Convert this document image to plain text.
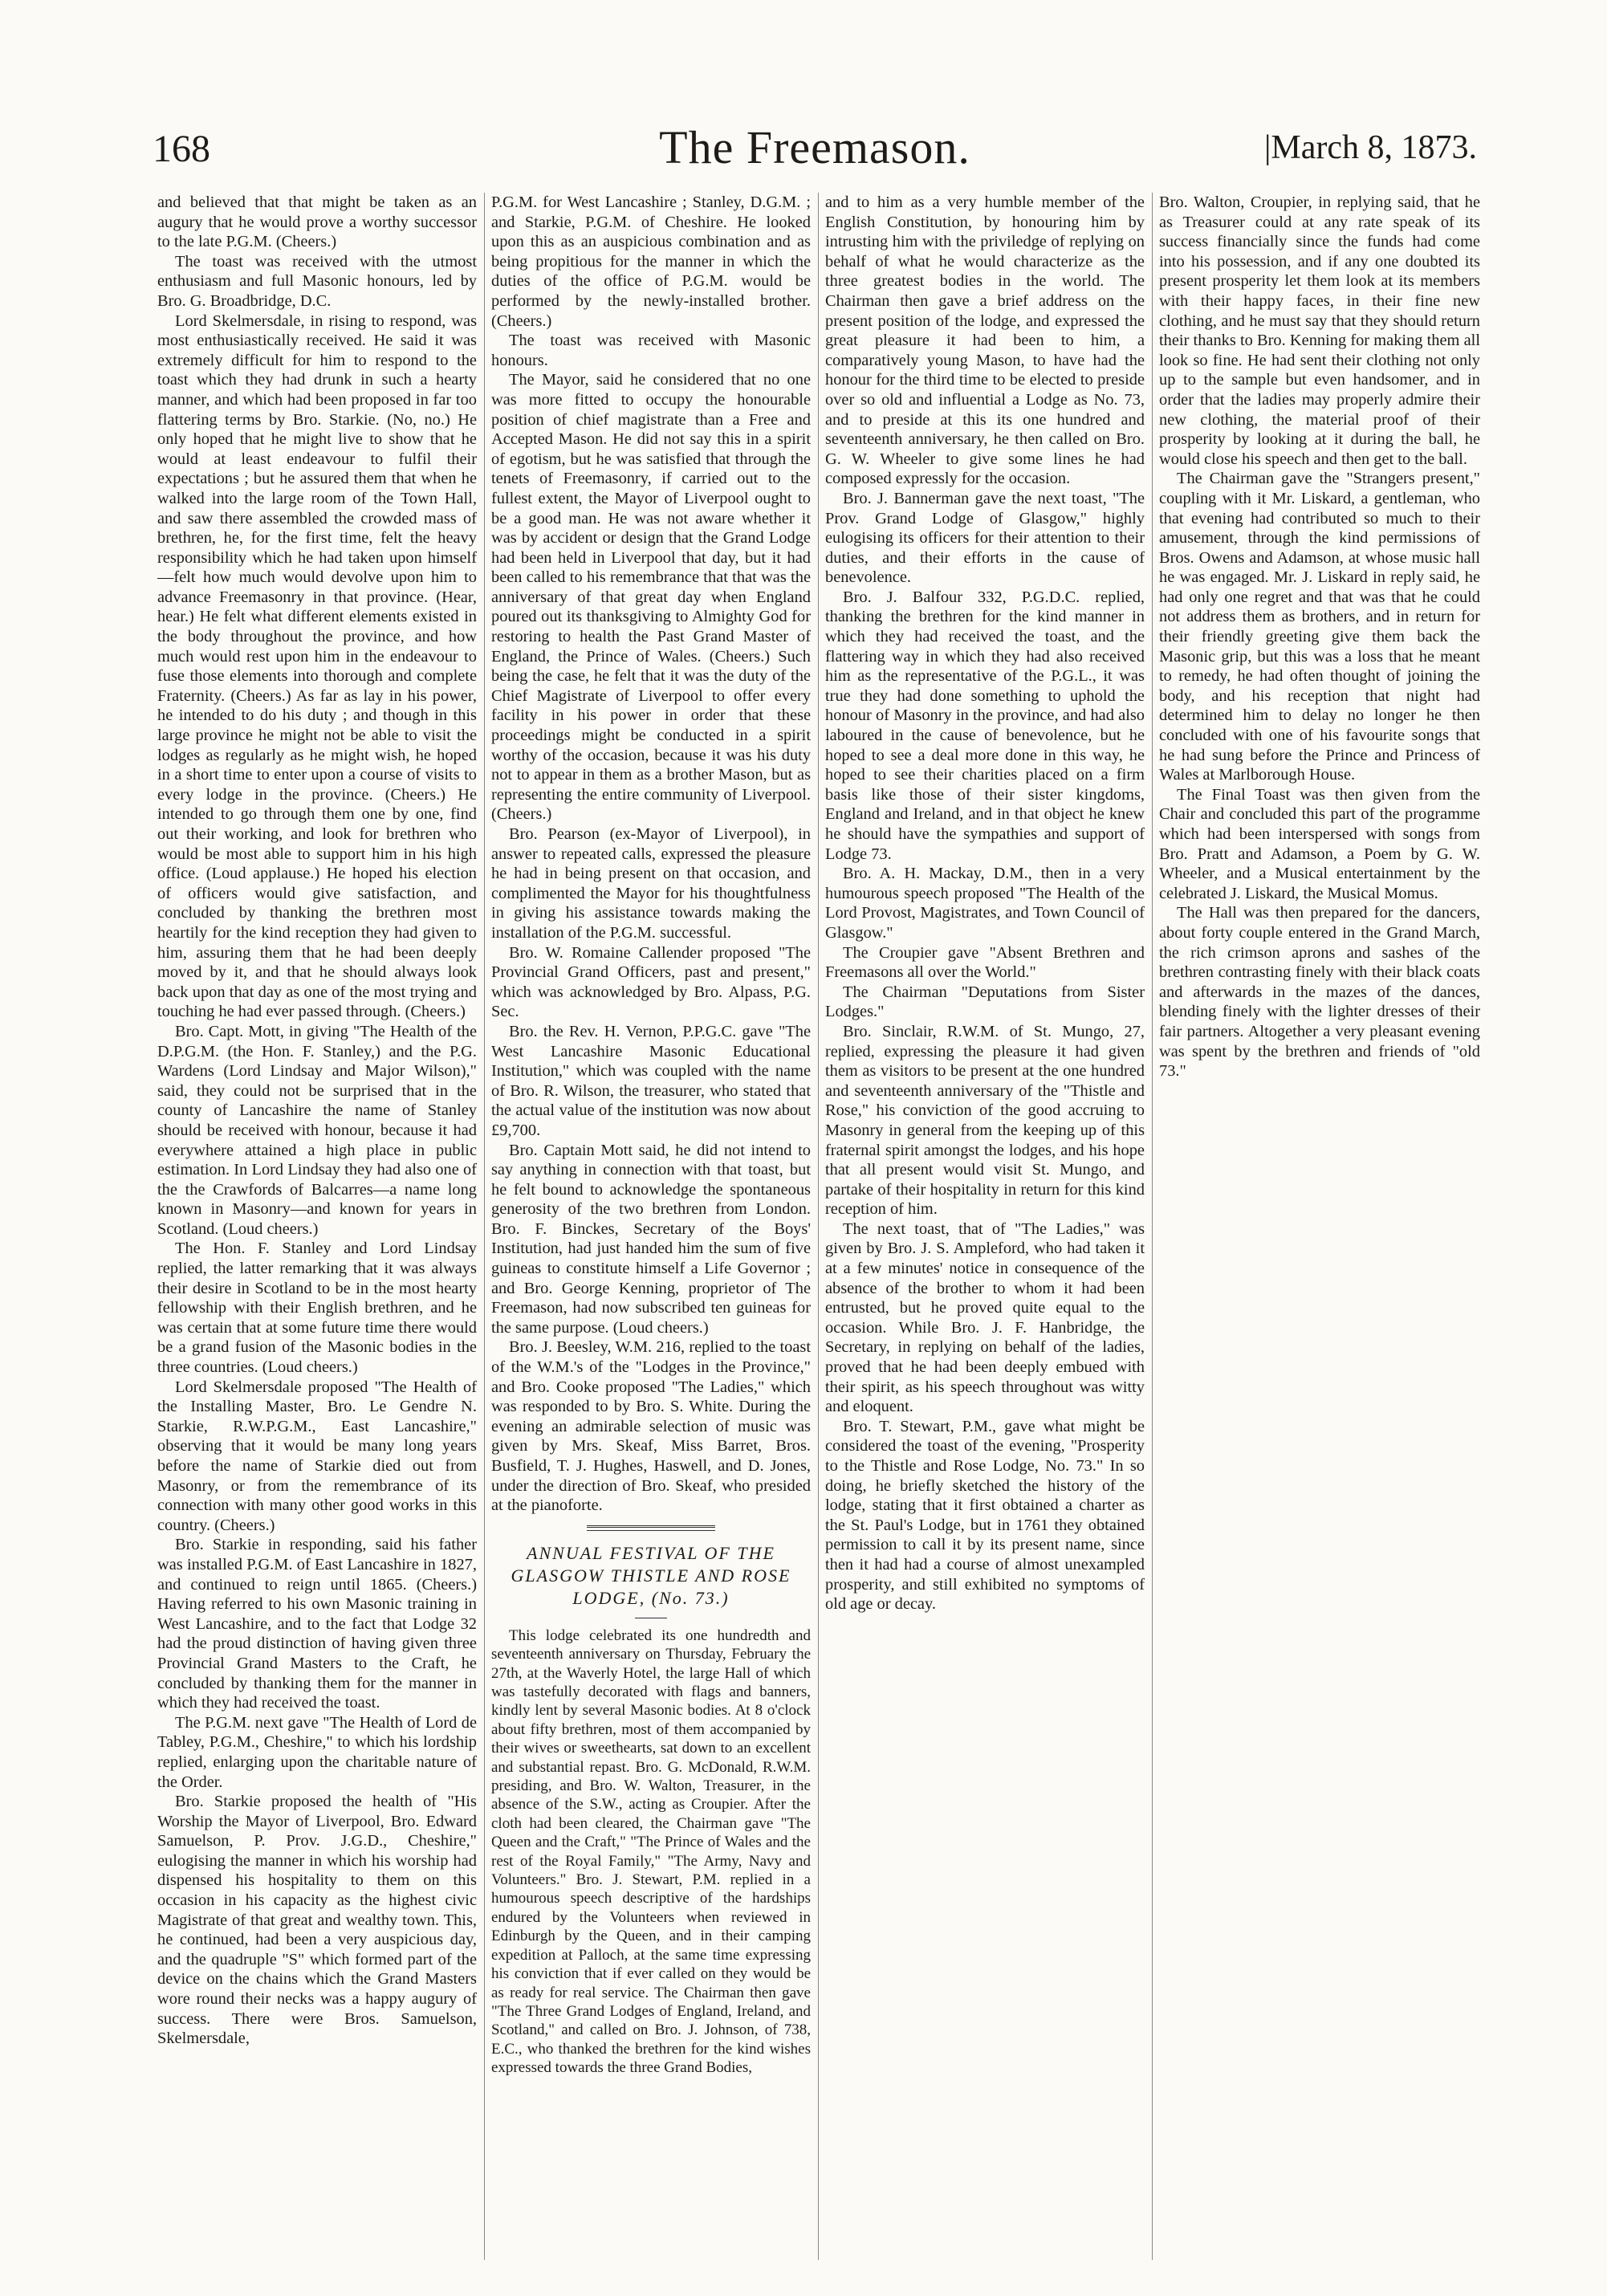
168	The Freemason.	|March 8, 1873.

and believed that that might be taken as an augury that he would prove a worthy successor to the late P.G.M. (Cheers.)

The toast was received with the utmost enthusiasm and full Masonic honours, led by Bro. G. Broadbridge, D.C.

Lord Skelmersdale, in rising to respond, was most enthusiastically received. He said it was extremely difficult for him to respond to the toast which they had drunk in such a hearty manner, and which had been proposed in far too flattering terms by Bro. Starkie. (No, no.) He only hoped that he might live to show that he would at least endeavour to fulfil their expectations ; but he assured them that when he walked into the large room of the Town Hall, and saw there assembled the crowded mass of brethren, he, for the first time, felt the heavy responsibility which he had taken upon himself—felt how much would devolve upon him to advance Freemasonry in that province. (Hear, hear.) He felt what different elements existed in the body throughout the province, and how much would rest upon him in the endeavour to fuse those elements into thorough and complete Fraternity. (Cheers.) As far as lay in his power, he intended to do his duty ; and though in this large province he might not be able to visit the lodges as regularly as he might wish, he hoped in a short time to enter upon a course of visits to every lodge in the province. (Cheers.) He intended to go through them one by one, find out their working, and look for brethren who would be most able to support him in his high office. (Loud applause.) He hoped his election of officers would give satisfaction, and concluded by thanking the brethren most heartily for the kind reception they had given to him, assuring them that he had been deeply moved by it, and that he should always look back upon that day as one of the most trying and touching he had ever passed through. (Cheers.)

Bro. Capt. Mott, in giving "The Health of the D.P.G.M. (the Hon. F. Stanley,) and the P.G. Wardens (Lord Lindsay and Major Wilson)," said, they could not be surprised that in the county of Lancashire the name of Stanley should be received with honour, because it had everywhere attained a high place in public estimation. In Lord Lindsay they had also one of the the Crawfords of Balcarres—a name long known in Masonry—and known for years in Scotland. (Loud cheers.)

The Hon. F. Stanley and Lord Lindsay replied, the latter remarking that it was always their desire in Scotland to be in the most hearty fellowship with their English brethren, and he was certain that at some future time there would be a grand fusion of the Masonic bodies in the three countries. (Loud cheers.)

Lord Skelmersdale proposed "The Health of the Installing Master, Bro. Le Gendre N. Starkie, R.W.P.G.M., East Lancashire," observing that it would be many long years before the name of Starkie died out from Masonry, or from the remembrance of its connection with many other good works in this country. (Cheers.)

Bro. Starkie in responding, said his father was installed P.G.M. of East Lancashire in 1827, and continued to reign until 1865. (Cheers.) Having referred to his own Masonic training in West Lancashire, and to the fact that Lodge 32 had the proud distinction of having given three Provincial Grand Masters to the Craft, he concluded by thanking them for the manner in which they had received the toast.

The P.G.M. next gave "The Health of Lord de Tabley, P.G.M., Cheshire," to which his lordship replied, enlarging upon the charitable nature of the Order.

Bro. Starkie proposed the health of "His Worship the Mayor of Liverpool, Bro. Edward Samuelson, P. Prov. J.G.D., Cheshire," eulogising the manner in which his worship had dispensed his hospitality to them on this occasion in his capacity as the highest civic Magistrate of that great and wealthy town. This, he continued, had been a very auspicious day, and the quadruple "S" which formed part of the device on the chains which the Grand Masters wore round their necks was a happy augury of success. There were Bros. Samuelson, Skelmersdale,

P.G.M. for West Lancashire ; Stanley, D.G.M. ; and Starkie, P.G.M. of Cheshire. He looked upon this as an auspicious combination and as being propitious for the manner in which the duties of the office of P.G.M. would be performed by the newly-installed brother. (Cheers.)

The toast was received with Masonic honours.

The Mayor, said he considered that no one was more fitted to occupy the honourable position of chief magistrate than a Free and Accepted Mason. He did not say this in a spirit of egotism, but he was satisfied that through the tenets of Freemasonry, if carried out to the fullest extent, the Mayor of Liverpool ought to be a good man. He was not aware whether it was by accident or design that the Grand Lodge had been held in Liverpool that day, but it had been called to his remembrance that that was the anniversary of that great day when England poured out its thanksgiving to Almighty God for restoring to health the Past Grand Master of England, the Prince of Wales. (Cheers.) Such being the case, he felt that it was the duty of the Chief Magistrate of Liverpool to offer every facility in his power in order that these proceedings might be conducted in a spirit worthy of the occasion, because it was his duty not to appear in them as a brother Mason, but as representing the entire community of Liverpool. (Cheers.)

Bro. Pearson (ex-Mayor of Liverpool), in answer to repeated calls, expressed the pleasure he had in being present on that occasion, and complimented the Mayor for his thoughtfulness in giving his assistance towards making the installation of the P.G.M. successful.

Bro. W. Romaine Callender proposed "The Provincial Grand Officers, past and present," which was acknowledged by Bro. Alpass, P.G. Sec.

Bro. the Rev. H. Vernon, P.P.G.C. gave "The West Lancashire Masonic Educational Institution," which was coupled with the name of Bro. R. Wilson, the treasurer, who stated that the actual value of the institution was now about £9,700.

Bro. Captain Mott said, he did not intend to say anything in connection with that toast, but he felt bound to acknowledge the spontaneous generosity of the two brethren from London. Bro. F. Binckes, Secretary of the Boys' Institution, had just handed him the sum of five guineas to constitute himself a Life Governor ; and Bro. George Kenning, proprietor of The Freemason, had now subscribed ten guineas for the same purpose. (Loud cheers.)

Bro. J. Beesley, W.M. 216, replied to the toast of the W.M.'s of the "Lodges in the Province," and Bro. Cooke proposed "The Ladies," which was responded to by Bro. S. White. During the evening an admirable selection of music was given by Mrs. Skeaf, Miss Barret, Bros. Busfield, T. J. Hughes, Haswell, and D. Jones, under the direction of Bro. Skeaf, who presided at the pianoforte.

ANNUAL FESTIVAL OF THE GLASGOW THISTLE AND ROSE LODGE, (No. 73.)

This lodge celebrated its one hundredth and seventeenth anniversary on Thursday, February the 27th, at the Waverly Hotel, the large Hall of which was tastefully decorated with flags and banners, kindly lent by several Masonic bodies. At 8 o'clock about fifty brethren, most of them accompanied by their wives or sweethearts, sat down to an excellent and substantial repast. Bro. G. McDonald, R.W.M. presiding, and Bro. W. Walton, Treasurer, in the absence of the S.W., acting as Croupier. After the cloth had been cleared, the Chairman gave "The Queen and the Craft," "The Prince of Wales and the rest of the Royal Family," "The Army, Navy and Volunteers." Bro. J. Stewart, P.M. replied in a humourous speech descriptive of the hardships endured by the Volunteers when reviewed in Edinburgh by the Queen, and in their camping expedition at Palloch, at the same time expressing his conviction that if ever called on they would be as ready for real service. The Chairman then gave "The Three Grand Lodges of England, Ireland, and Scotland," and called on Bro. J. Johnson, of 738, E.C., who thanked the brethren for the kind wishes expressed towards the three Grand Bodies,

and to him as a very humble member of the English Constitution, by honouring him by intrusting him with the priviledge of replying on behalf of what he would characterize as the three greatest bodies in the world. The Chairman then gave a brief address on the present position of the lodge, and expressed the great pleasure it had been to him, a comparatively young Mason, to have had the honour for the third time to be elected to preside over so old and influential a Lodge as No. 73, and to preside at this its one hundred and seventeenth anniversary, he then called on Bro. G. W. Wheeler to give some lines he had composed expressly for the occasion.

Bro. J. Bannerman gave the next toast, "The Prov. Grand Lodge of Glasgow," highly eulogising its officers for their attention to their duties, and their efforts in the cause of benevolence.

Bro. J. Balfour 332, P.G.D.C. replied, thanking the brethren for the kind manner in which they had received the toast, and the flattering way in which they had also received him as the representative of the P.G.L., it was true they had done something to uphold the honour of Masonry in the province, and had also laboured in the cause of benevolence, but he hoped to see a deal more done in this way, he hoped to see their charities placed on a firm basis like those of their sister kingdoms, England and Ireland, and in that object he knew he should have the sympathies and support of Lodge 73.

Bro. A. H. Mackay, D.M., then in a very humourous speech proposed "The Health of the Lord Provost, Magistrates, and Town Council of Glasgow."

The Croupier gave "Absent Brethren and Freemasons all over the World."

The Chairman "Deputations from Sister Lodges."

Bro. Sinclair, R.W.M. of St. Mungo, 27, replied, expressing the pleasure it had given them as visitors to be present at the one hundred and seventeenth anniversary of the "Thistle and Rose," his conviction of the good accruing to Masonry in general from the keeping up of this fraternal spirit amongst the lodges, and his hope that all present would visit St. Mungo, and partake of their hospitality in return for this kind reception of him.

The next toast, that of "The Ladies," was given by Bro. J. S. Ampleford, who had taken it at a few minutes' notice in consequence of the absence of the brother to whom it had been entrusted, but he proved quite equal to the occasion. While Bro. J. F. Hanbridge, the Secretary, in replying on behalf of the ladies, proved that he had been deeply embued with their spirit, as his speech throughout was witty and eloquent.

Bro. T. Stewart, P.M., gave what might be considered the toast of the evening, "Prosperity to the Thistle and Rose Lodge, No. 73." In so doing, he briefly sketched the history of the lodge, stating that it first obtained a charter as the St. Paul's Lodge, but in 1761 they obtained permission to call it by its present name, since then it had had a course of almost unexampled prosperity, and still exhibited no symptoms of old age or decay.

Bro. Walton, Croupier, in replying said, that he as Treasurer could at any rate speak of its success financially since the funds had come into his possession, and if any one doubted its present prosperity let them look at its members with their happy faces, in their fine new clothing, and he must say that they should return their thanks to Bro. Kenning for making them all look so fine. He had sent their clothing not only up to the sample but even handsomer, and in order that the ladies may properly admire their new clothing, the material proof of their prosperity by looking at it during the ball, he would close his speech and then get to the ball.

The Chairman gave the "Strangers present," coupling with it Mr. Liskard, a gentleman, who that evening had contributed so much to their amusement, through the kind permissions of Bros. Owens and Adamson, at whose music hall he was engaged. Mr. J. Liskard in reply said, he had only one regret and that was that he could not address them as brothers, and in return for their friendly greeting give them back the Masonic grip, but this was a loss that he meant to remedy, he had often thought of joining the body, and his reception that night had determined him to delay no longer he then concluded with one of his favourite songs that he had sung before the Prince and Princess of Wales at Marlborough House.

The Final Toast was then given from the Chair and concluded this part of the programme which had been interspersed with songs from Bro. Pratt and Adamson, a Poem by G. W. Wheeler, and a Musical entertainment by the celebrated J. Liskard, the Musical Momus.

The Hall was then prepared for the dancers, about forty couple entered in the Grand March, the rich crimson aprons and sashes of the brethren contrasting finely with their black coats and afterwards in the mazes of the dances, blending finely with the lighter dresses of their fair partners. Altogether a very pleasant evening was spent by the brethren and friends of "old 73."
